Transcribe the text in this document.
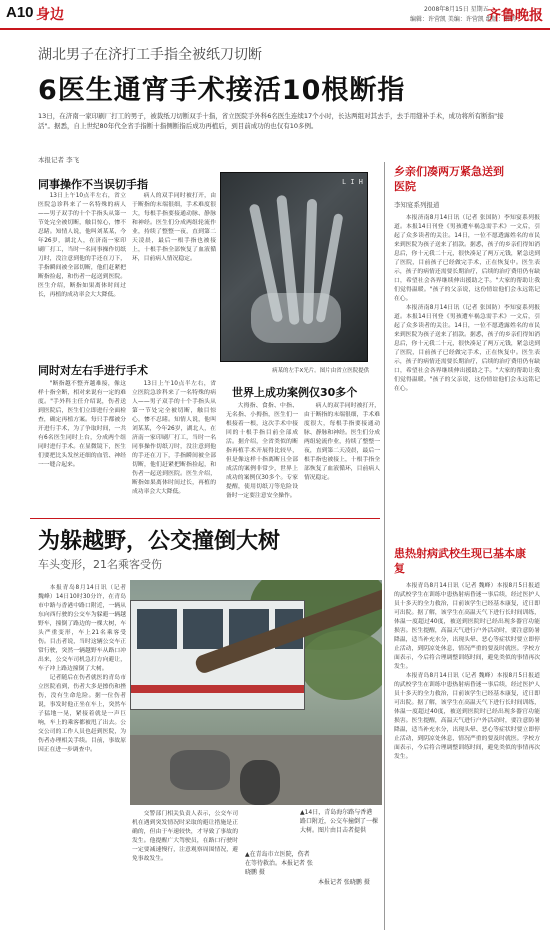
A10 身边	2008年8月15日 星期五
编辑：许营凯 美编：许营凯 组版：秦明
齐鲁晚报
湖北男子在济打工手指全被纸刀切断
6医生通宵手术接活10根断指
13日，在济南一家印刷厂打工的男子，被裁纸刀切断双手十指，省立医院手外科6名医生连续17个小时，长达两组对其去手，去手用缝补手术，成功将所有断指"接活"。据悉，自上世纪80年代全省手指断十指侧断指后成功再植后，到目前成功的也仅有10多例。
本报记者 李飞
同事操作不当误切手指

13日上午10点半左右，省立医院急诊科来了一名特殊的病人——男子双手的十个手指头从第一节处完全被切断，触目惊心，惨不忍睹。知情人说，他叫刘某某，今年26岁，湖北人，在济南一家印刷厂打工，当时一名同事操作切纸刀时，没注意到他的手还在刀下，手指瞬间被全部切断，他们赶紧把断指捡起，和伤者一起送到医院。医生介绍，断指如果离体时间过长，再植的成功率会大大降低。

病人的双手同时被打开，由于断指的末端很细，手术难度很大，每根手指要接通动脉、静脉和神经。医生们分成两组轮流作业，持续了整整一夜，直到第二天凌晨，最后一根手指也被接上，十根手指全部恢复了血液循环，目前病人情况稳定。

同时对左右手进行手术

"断指越不整齐越难接，像这样十指全断，相对来说有一定的难度。"手外科主任介绍说，伤者送到医院后，医生们立即进行全面检查，确定再植方案。每只手都被分开进行手术，为了争取时间，一共有6名医生同时上台，分成两个组同时进行手术。在显微镜下，医生们要把比头发丝还细的血管、神经一一缝合起来。

13日上午10点半左右，省立医院急诊科来了一名特殊的病人——男子双手的十个手指头从第一节处完全被切断，触目惊心，惨不忍睹。知情人说，他叫刘某某，今年26岁，湖北人，在济南一家印刷厂打工，当时一名同事操作切纸刀时，没注意到他的手还在刀下，手指瞬间被全部切断，他们赶紧把断指捡起，和伤者一起送到医院。医生介绍，断指如果离体时间过长，再植的成功率会大大降低。

L I H
病某的左手X光片。图片由省立医院提供
世界上成功案例仅30多个

大拇指、食指、中指、无名指、小拇指，医生们一根接着一根，这次手术中接回的十根手指目前全部成活。据介绍，全省类似的断指再植手术开展得比较早，但是像这样十指离断且全部成活的案例非常少，世界上成功的案例仅30多个。专家提醒，使用切纸刀等危险设备时一定要注意安全操作。

病人的双手同时被打开，由于断指的末端很细，手术难度很大，每根手指要接通动脉、静脉和神经。医生们分成两组轮流作业，持续了整整一夜，直到第二天凌晨，最后一根手指也被接上，十根手指全部恢复了血液循环，目前病人情况稳定。

乡亲们凑两万紧急送到医院
李知宴系列报道

本报济南8月14日讯（记者 张国防）李知宴系列报道。本报14日刊登《男孩遭车祸急需手术》一文后，引起了众多读者的关注。14日，一位不愿透露姓名的市民来到医院为孩子送来了捐款。据悉，孩子的乡亲们得知消息后，你十元我二十元，很快凑足了两万元钱，紧急送到了医院，目前孩子已经做完手术，正在恢复中。医生表示，孩子的病情还需要长期治疗，后续的治疗费用仍有缺口，希望社会各界继续伸出援助之手。"大家的帮助让我们觉得温暖。"孩子的父亲说，这份情谊他们会永远铭记在心。

本报济南8月14日讯（记者 张国防）李知宴系列报道。本报14日刊登《男孩遭车祸急需手术》一文后，引起了众多读者的关注。14日，一位不愿透露姓名的市民来到医院为孩子送来了捐款。据悉，孩子的乡亲们得知消息后，你十元我二十元，很快凑足了两万元钱，紧急送到了医院，目前孩子已经做完手术，正在恢复中。医生表示，孩子的病情还需要长期治疗，后续的治疗费用仍有缺口，希望社会各界继续伸出援助之手。"大家的帮助让我们觉得温暖。"孩子的父亲说，这份情谊他们会永远铭记在心。

患热射病武校生现已基本康复

本报青岛8月14日讯（记者 魏峰）本报8月5日报道的武校学生在训练中患热射病昏迷一事后续，经过医护人员十多天的全力救治，目前该学生已经基本康复，近日即可出院。据了解，该学生在高温天气下进行长时间训练，体温一度超过40度，被送到医院时已经出现多器官功能损害。医生提醒，高温天气进行户外活动时，要注意防暑降温，适当补充水分，出现头晕、恶心等症状时要立即停止活动，到阴凉处休息，情况严重的要及时就医。学校方面表示，今后将合理调整训练时间，避免类似的事情再次发生。

本报青岛8月14日讯（记者 魏峰）本报8月5日报道的武校学生在训练中患热射病昏迷一事后续，经过医护人员十多天的全力救治，目前该学生已经基本康复，近日即可出院。据了解，该学生在高温天气下进行长时间训练，体温一度超过40度，被送到医院时已经出现多器官功能损害。医生提醒，高温天气进行户外活动时，要注意防暑降温，适当补充水分，出现头晕、恶心等症状时要立即停止活动，到阴凉处休息，情况严重的要及时就医。学校方面表示，今后将合理调整训练时间，避免类似的事情再次发生。

为躲越野，公交撞倒大树
车头变形，21名乘客受伤

本报青岛8月14日讯（记者 魏峰）14日10时30分许，在青岛市中路与香港中路口附近，一辆从东向西行驶的公交车为躲避一辆越野车，撞倒了路边的一棵大树，车头严重变形，车上21名乘客受伤。目击者说，当时这辆公交车正常行驶，突然一辆越野车从路口冲出来，公交车司机急打方向避让，车子冲上路边撞倒了大树。

记者随后在伤者就医的青岛市立医院看到，伤者大多是擦伤和挫伤，没有生命危险。据一位伤者说，事发时他正坐在车上，突然车子猛地一晃，紧接着就是一声巨响，车上的乘客都被甩了出去。公交公司的工作人员也赶到医院，为伤者办理相关手续。目前，事故原因正在进一步调查中。

交警部门相关负责人表示，公交车司机在遇到突发情况时采取的避让措施是正确的，但由于车速较快，才导致了事故的发生。他提醒广大驾驶员，在路口行驶时一定要减速慢行，注意观察周围情况，避免事故发生。

▲14日，青岛海尔路与香港路口附近，公交车撞倒了一棵大树。图片由目击者提供
▲在青岛市立医院，伤者在等待救治。本报记者 张晓鹏 摄
本报记者 张晓鹏 摄
